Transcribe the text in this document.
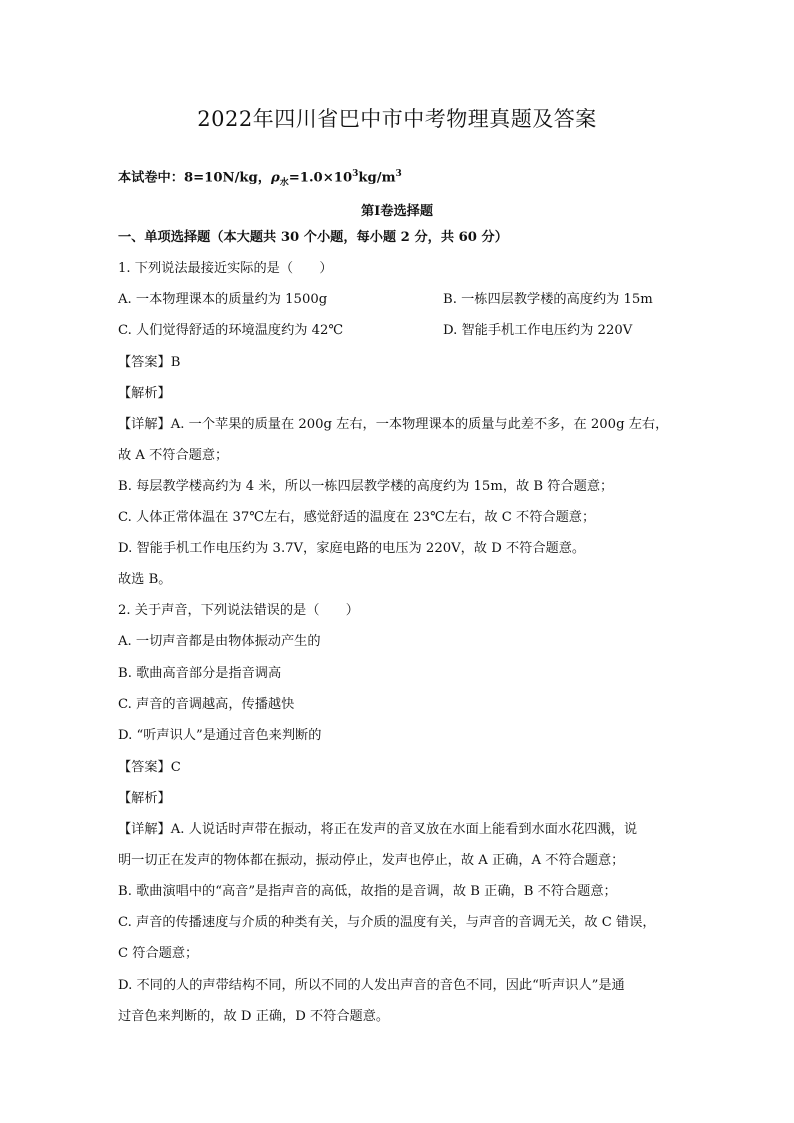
2022年四川省巴中市中考物理真题及答案
本试卷中：8=10N/kg，$\rho_水=1.0\times 10^3kg/m^3$
第Ⅰ卷选择题
一、单项选择题（本大题共 30 个小题，每小题 2 分，共 60 分）
1. 下列说法最接近实际的是（　　）
A. 一本物理课本的质量约为 1500g	B. 一栋四层教学楼的高度约为 15m
C. 人们觉得舒适的环境温度约为 42℃	D. 智能手机工作电压约为 220V
【答案】B
【解析】
【详解】A. 一个苹果的质量在 200g 左右，一本物理课本的质量与此差不多，在 200g 左右，
故 A 不符合题意；
B. 每层教学楼高约为 4 米，所以一栋四层教学楼的高度约为 15m，故 B 符合题意；
C. 人体正常体温在 37℃左右，感觉舒适的温度在 23℃左右，故 C 不符合题意；
D. 智能手机工作电压约为 3.7V，家庭电路的电压为 220V，故 D 不符合题意。
故选 B。
2. 关于声音，下列说法错误的是（　　）
A. 一切声音都是由物体振动产生的
B. 歌曲高音部分是指音调高
C. 声音的音调越高，传播越快
D. “听声识人”是通过音色来判断的
【答案】C
【解析】
【详解】A. 人说话时声带在振动，将正在发声的音叉放在水面上能看到水面水花四溅，说
明一切正在发声的物体都在振动，振动停止，发声也停止，故 A 正确，A 不符合题意；
B. 歌曲演唱中的“高音”是指声音的高低，故指的是音调，故 B 正确，B 不符合题意；
C. 声音的传播速度与介质的种类有关，与介质的温度有关，与声音的音调无关，故 C 错误，
C 符合题意；
D. 不同的人的声带结构不同，所以不同的人发出声音的音色不同，因此“听声识人”是通
过音色来判断的，故 D 正确，D 不符合题意。
